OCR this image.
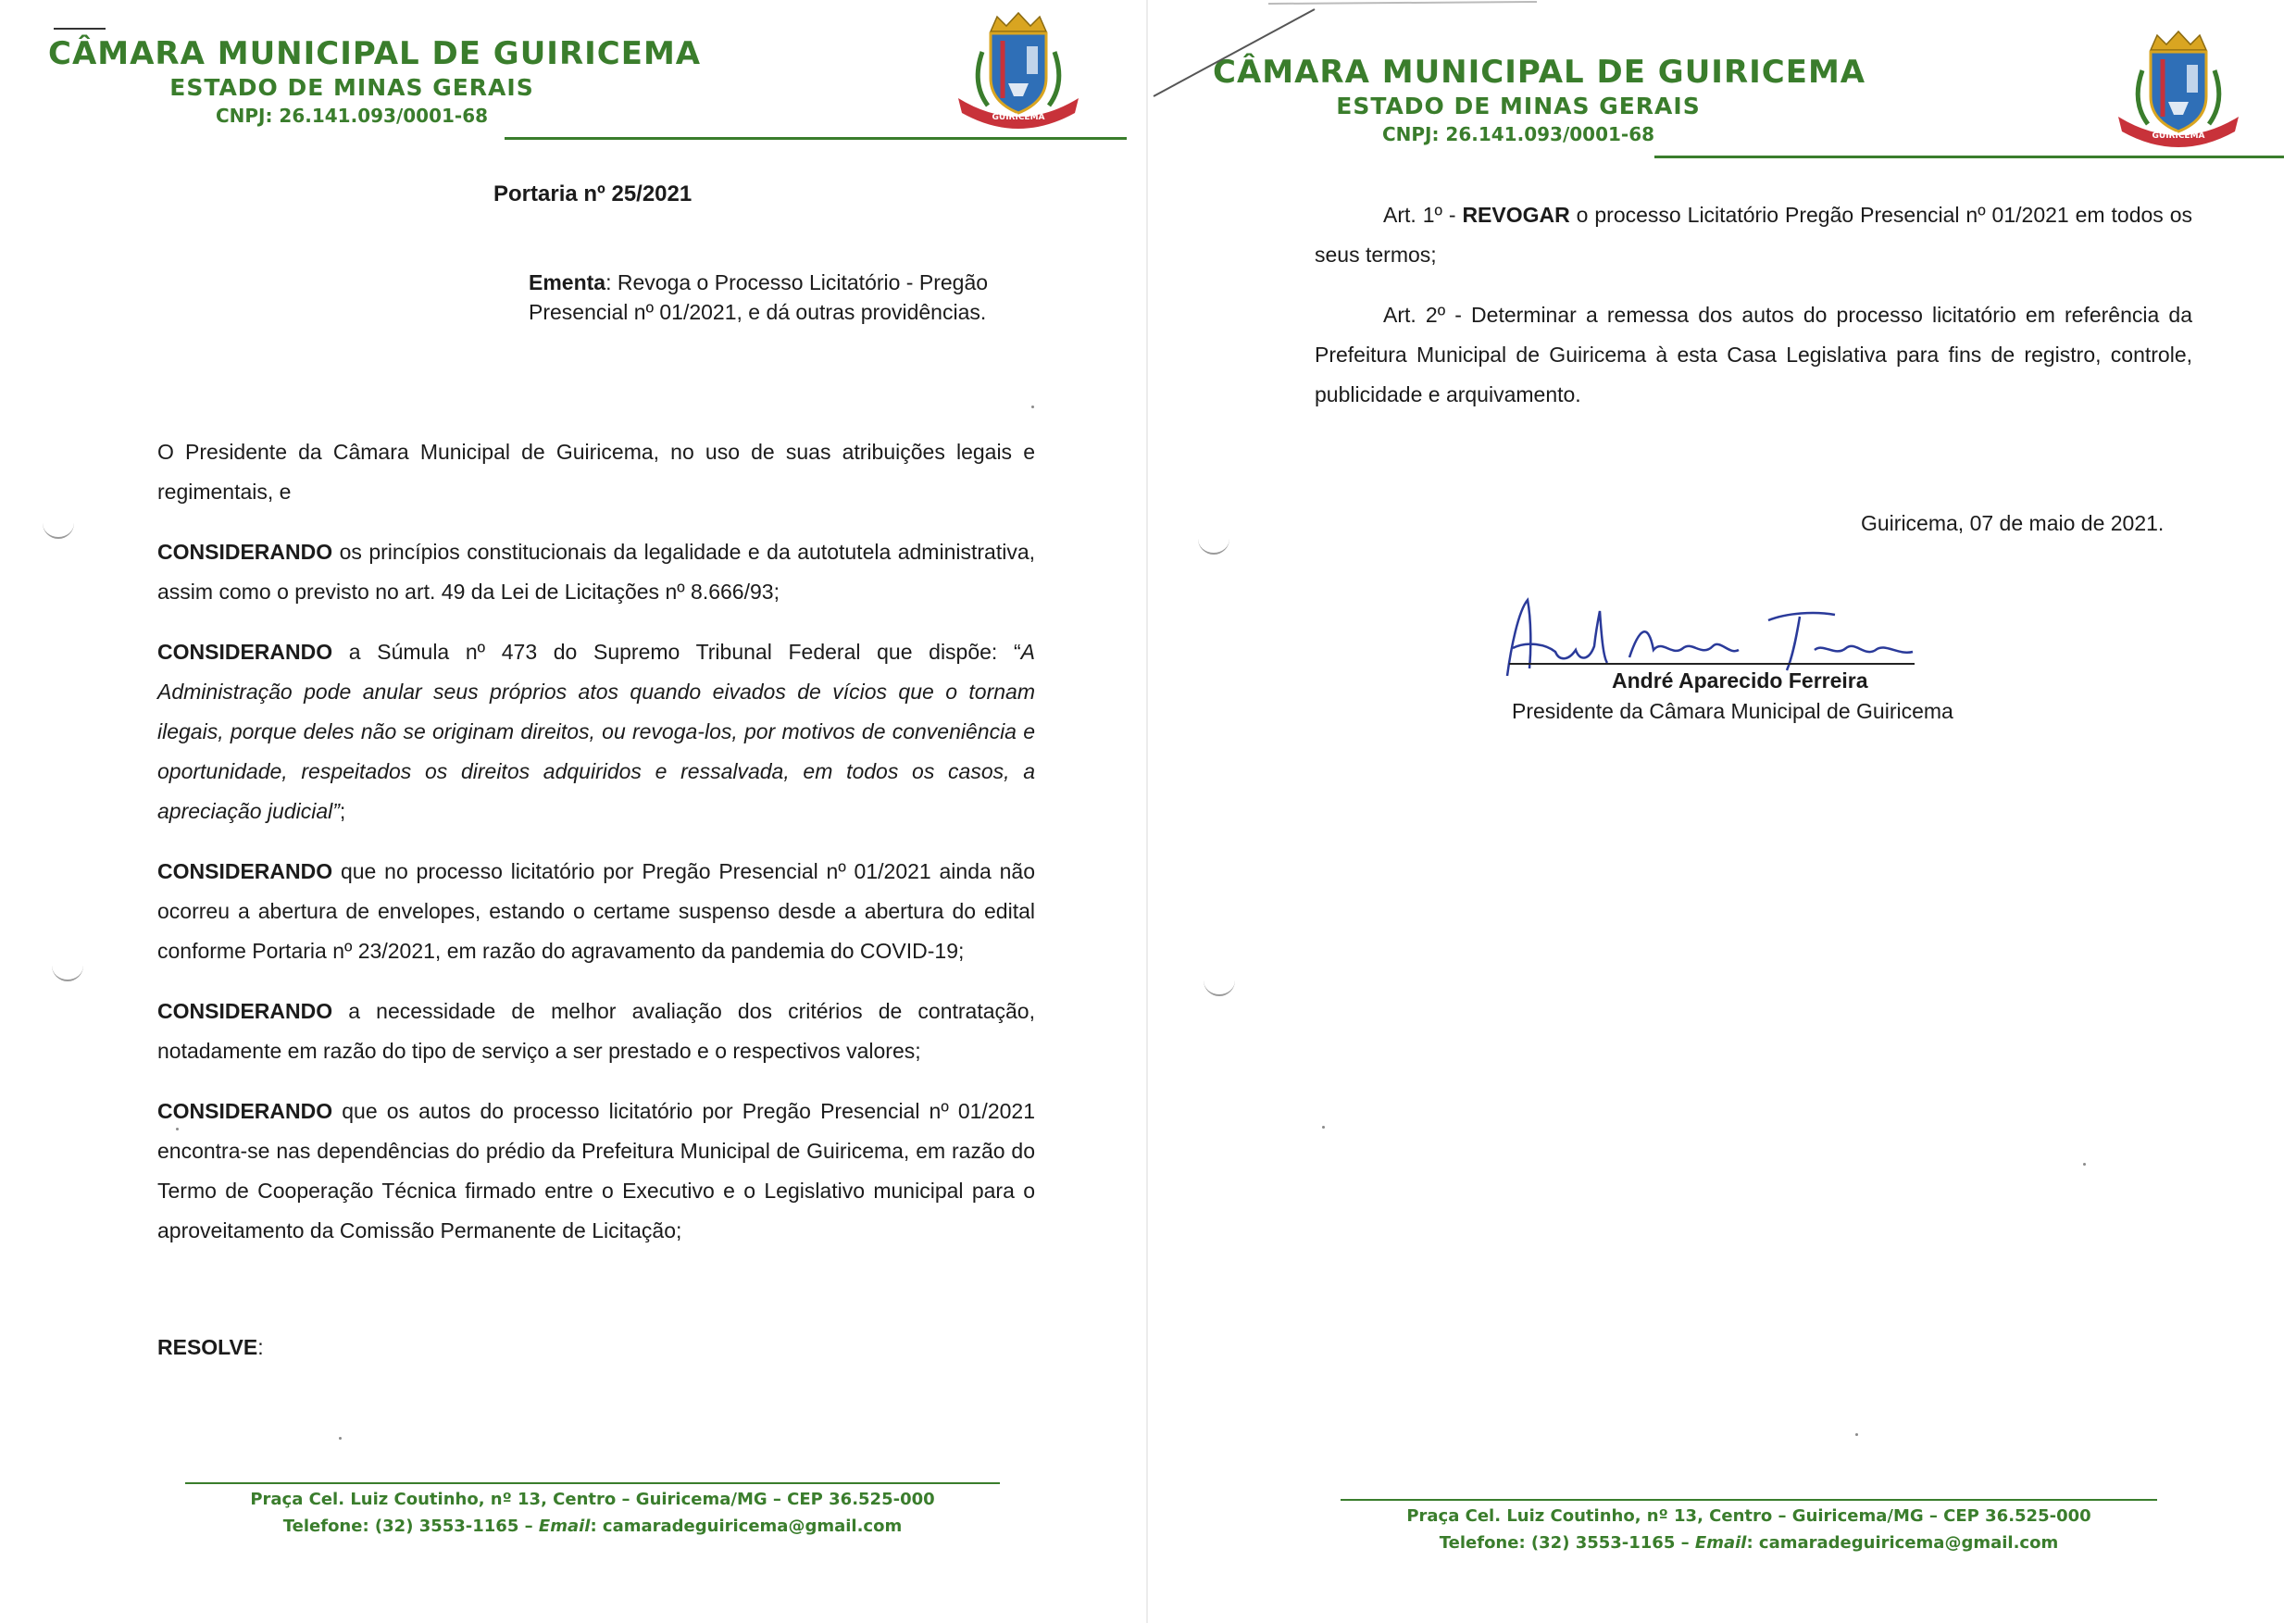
CÂMARA MUNICIPAL DE GUIRICEMA
ESTADO DE MINAS GERAIS
CNPJ: 26.141.093/0001-68	GUIRICEMA
Portaria nº 25/2021
Ementa: Revoga o Processo Licitatório - Pregão Presencial nº 01/2021, e dá outras providências.

O Presidente da Câmara Municipal de Guiricema, no uso de suas atribuições legais e regimentais, e

CONSIDERANDO os princípios constitucionais da legalidade e da autotutela administrativa, assim como o previsto no art. 49 da Lei de Licitações nº 8.666/93;

CONSIDERANDO a Súmula nº 473 do Supremo Tribunal Federal que dispõe: “A Administração pode anular seus próprios atos quando eivados de vícios que o tornam ilegais, porque deles não se originam direitos, ou revoga-los, por motivos de conveniência e oportunidade, respeitados os direitos adquiridos e ressalvada, em todos os casos, a apreciação judicial”;

CONSIDERANDO que no processo licitatório por Pregão Presencial nº 01/2021 ainda não ocorreu a abertura de envelopes, estando o certame suspenso desde a abertura do edital conforme Portaria nº 23/2021, em razão do agravamento da pandemia do COVID-19;

CONSIDERANDO a necessidade de melhor avaliação dos critérios de contratação, notadamente em razão do tipo de serviço a ser prestado e o respectivos valores;

CONSIDERANDO que os autos do processo licitatório por Pregão Presencial nº 01/2021 encontra-se nas dependências do prédio da Prefeitura Municipal de Guiricema, em razão do Termo de Cooperação Técnica firmado entre o Executivo e o Legislativo municipal para o aproveitamento da Comissão Permanente de Licitação;

RESOLVE:
Praça Cel. Luiz Coutinho, nº 13, Centro – Guiricema/MG – CEP 36.525-000
Telefone: (32) 3553-1165 – Email: camaradeguiricema@gmail.com
CÂMARA MUNICIPAL DE GUIRICEMA
ESTADO DE MINAS GERAIS
CNPJ: 26.141.093/0001-68	GUIRICEMA

Art. 1º - REVOGAR o processo Licitatório Pregão Presencial nº 01/2021 em todos os seus termos;

Art. 2º - Determinar a remessa dos autos do processo licitatório em referência da Prefeitura Municipal de Guiricema à esta Casa Legislativa para fins de registro, controle, publicidade e arquivamento.

Guiricema, 07 de maio de 2021.
André Aparecido Ferreira
Presidente da Câmara Municipal de Guiricema
Praça Cel. Luiz Coutinho, nº 13, Centro – Guiricema/MG – CEP 36.525-000
Telefone: (32) 3553-1165 – Email: camaradeguiricema@gmail.com
